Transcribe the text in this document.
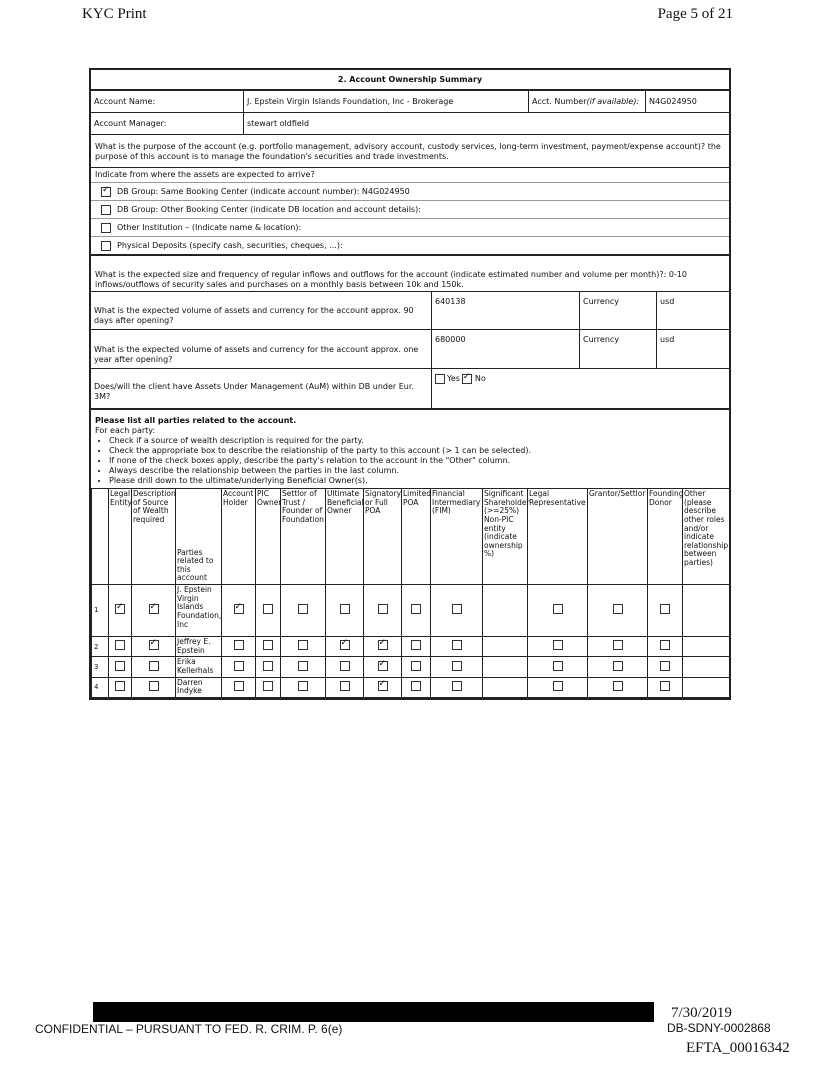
KYC Print	Page 5 of 21
2. Account Ownership Summary
Account Name:	J. Epstein Virgin Islands Foundation, Inc - Brokerage	Acct. Number (if available):	N4G024950
Account Manager:	stewart oldfield
What is the purpose of the account (e.g. portfolio management, advisory account, custody services, long-term investment, payment/expense account)? the purpose of this account is to manage the foundation's securities and trade investments.
Indicate from where the assets are expected to arrive?
✓
DB Group: Same Booking Center (indicate account number): N4G024950
DB Group: Other Booking Center (indicate DB location and account details):
Other Institution – (Indicate name & location):
Physical Deposits (specify cash, securities, cheques, ...):
What is the expected size and frequency of regular inflows and outflows for the account (indicate estimated number and volume per month)?: 0-10 inflows/outflows of security sales and purchases on a monthly basis between 10k and 150k.
What is the expected volume of assets and currency for the account approx. 90 days after opening?
640138	Currency	usd
What is the expected volume of assets and currency for the account approx. one year after opening?
680000	Currency	usd
Does/will the client have Assets Under Management (AuM) within DB under Eur. 3M?
Yes ✓ No
Please list all parties related to the account.
For each party:
• Check if a source of wealth description is required for the party.
• Check the appropriate box to describe the relationship of the party to this account (> 1 can be selected).
• If none of the check boxes apply, describe the party's relation to the account in the "Other" column.
• Always describe the relationship between the parties in the last column.
• Please drill down to the ultimate/underlying Beneficial Owner(s).
	Legal Entity	Description of Source of Wealth required	Parties related to this account	Account Holder	PIC Owner	Settlor of Trust / Founder of Foundation	Ultimate Beneficial Owner	Signatory or Full POA	Limited POA	Financial Intermediary (FIM)	Significant Shareholder (>=25%) Non-PIC entity (indicate ownership %)	Legal Representative	Grantor/Settlor	Founding Donor	Other (please describe other roles and/or indicate relationship between parties)
1	✓	✓	J. Epstein Virgin Islands Foundation, Inc	✓											
2		✓	Jeffrey E. Epstein				✓	✓							
3			Erika Kellerhals					✓							
4			Darren Indyke					✓							
CONFIDENTIAL – PURSUANT TO FED. R. CRIM. P. 6(e)
7/30/2019
DB-SDNY-0002868
EFTA_00016342
